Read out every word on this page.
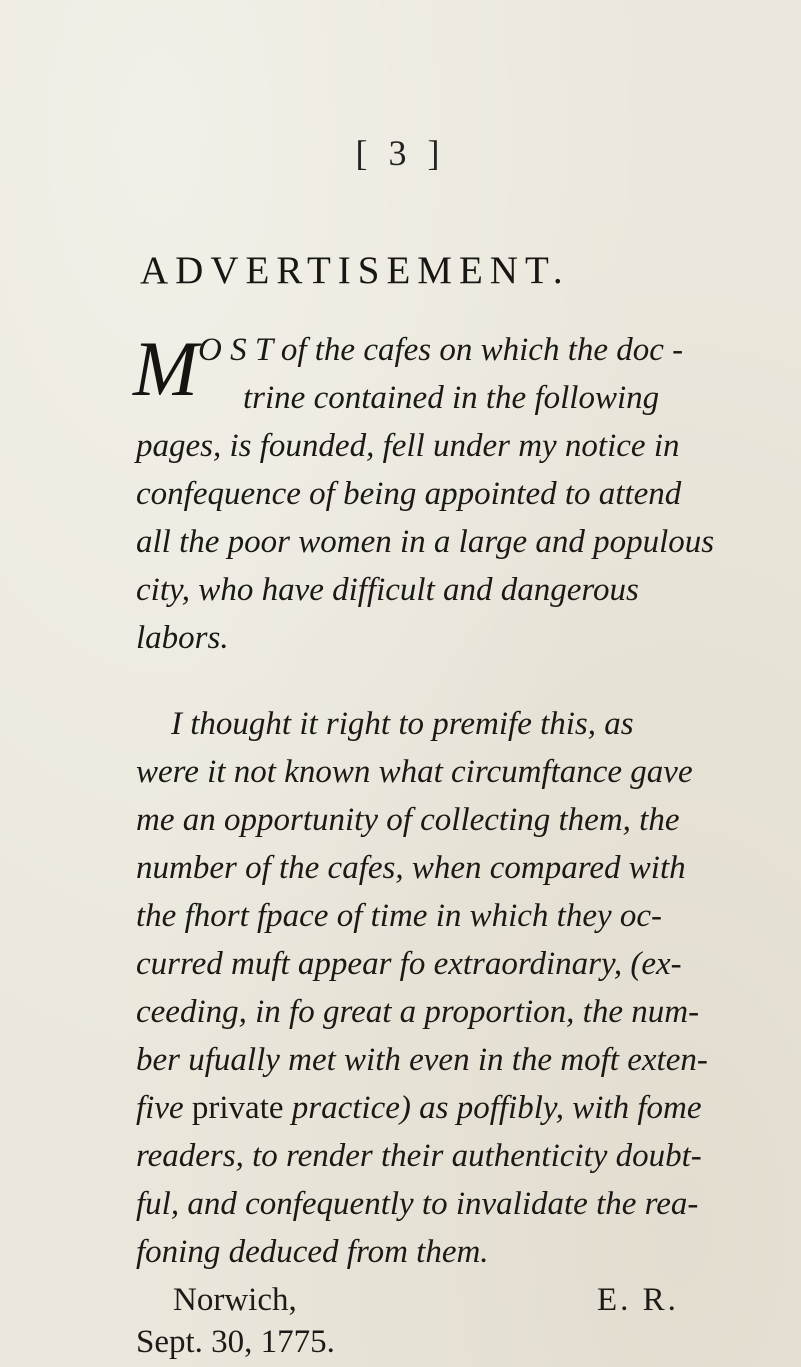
[ 3 ]
ADVERTISEMENT.
M O S T of the cafes on which the doc -
trine contained in the following
pages, is founded, fell under my notice in
confequence of being appointed to attend
all the poor women in a large and populous
city, who have difficult and dangerous
labors.
I thought it right to premife this, as
were it not known what circumftance gave
me an opportunity of collecting them, the
number of the cafes, when compared with
the fhort fpace of time in which they oc-
curred muft appear fo extraordinary, (ex-
ceeding, in fo great a proportion, the num-
ber ufually met with even in the moft exten-
five private practice) as poffibly, with fome
readers, to render their authenticity doubt-
ful, and confequently to invalidate the rea-
foning deduced from them.
Norwich,	E. R.
Sept. 30, 1775.
